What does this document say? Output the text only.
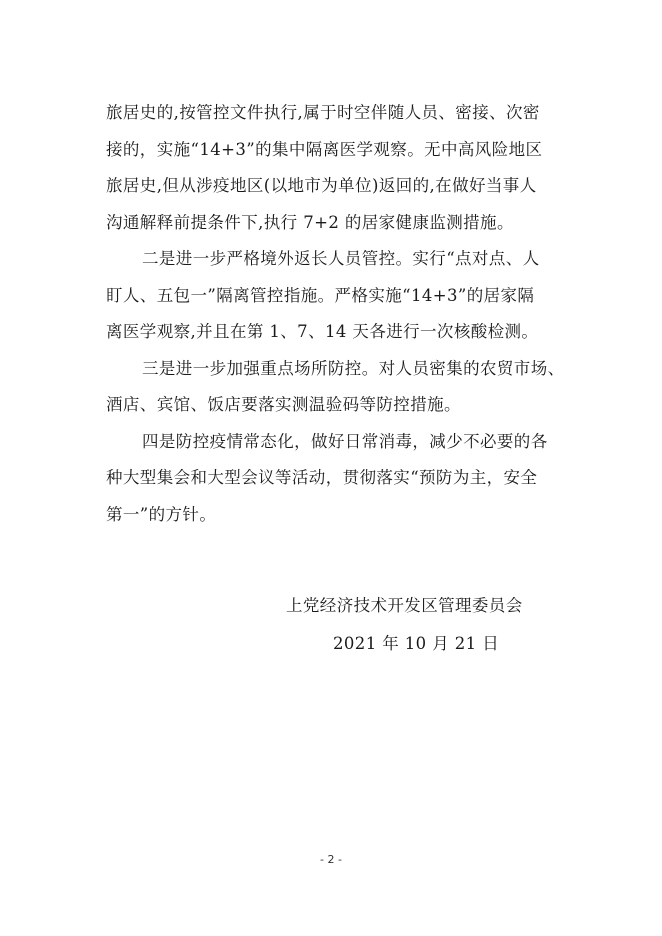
旅居史的,按管控文件执行,属于时空伴随人员、密接、次密
接的，实施“14+3”的集中隔离医学观察。无中高风险地区
旅居史,但从涉疫地区(以地市为单位)返回的,在做好当事人
沟通解释前提条件下,执行 7+2 的居家健康监测措施。
二是进一步严格境外返长人员管控。实行“点对点、人
盯人、五包一”隔离管控指施。严格实施“14+3”的居家隔
离医学观察,并且在第 1、7、14 天各进行一次核酸检测。
三是进一步加强重点场所防控。对人员密集的农贸市场、
酒店、宾馆、饭店要落实测温验码等防控措施。
四是防控疫情常态化，做好日常消毒，减少不必要的各
种大型集会和大型会议等活动，贯彻落实“预防为主，安全
第一”的方针。
上党经济技术开发区管理委员会
2021 年 10 月 21 日
- 2 -
